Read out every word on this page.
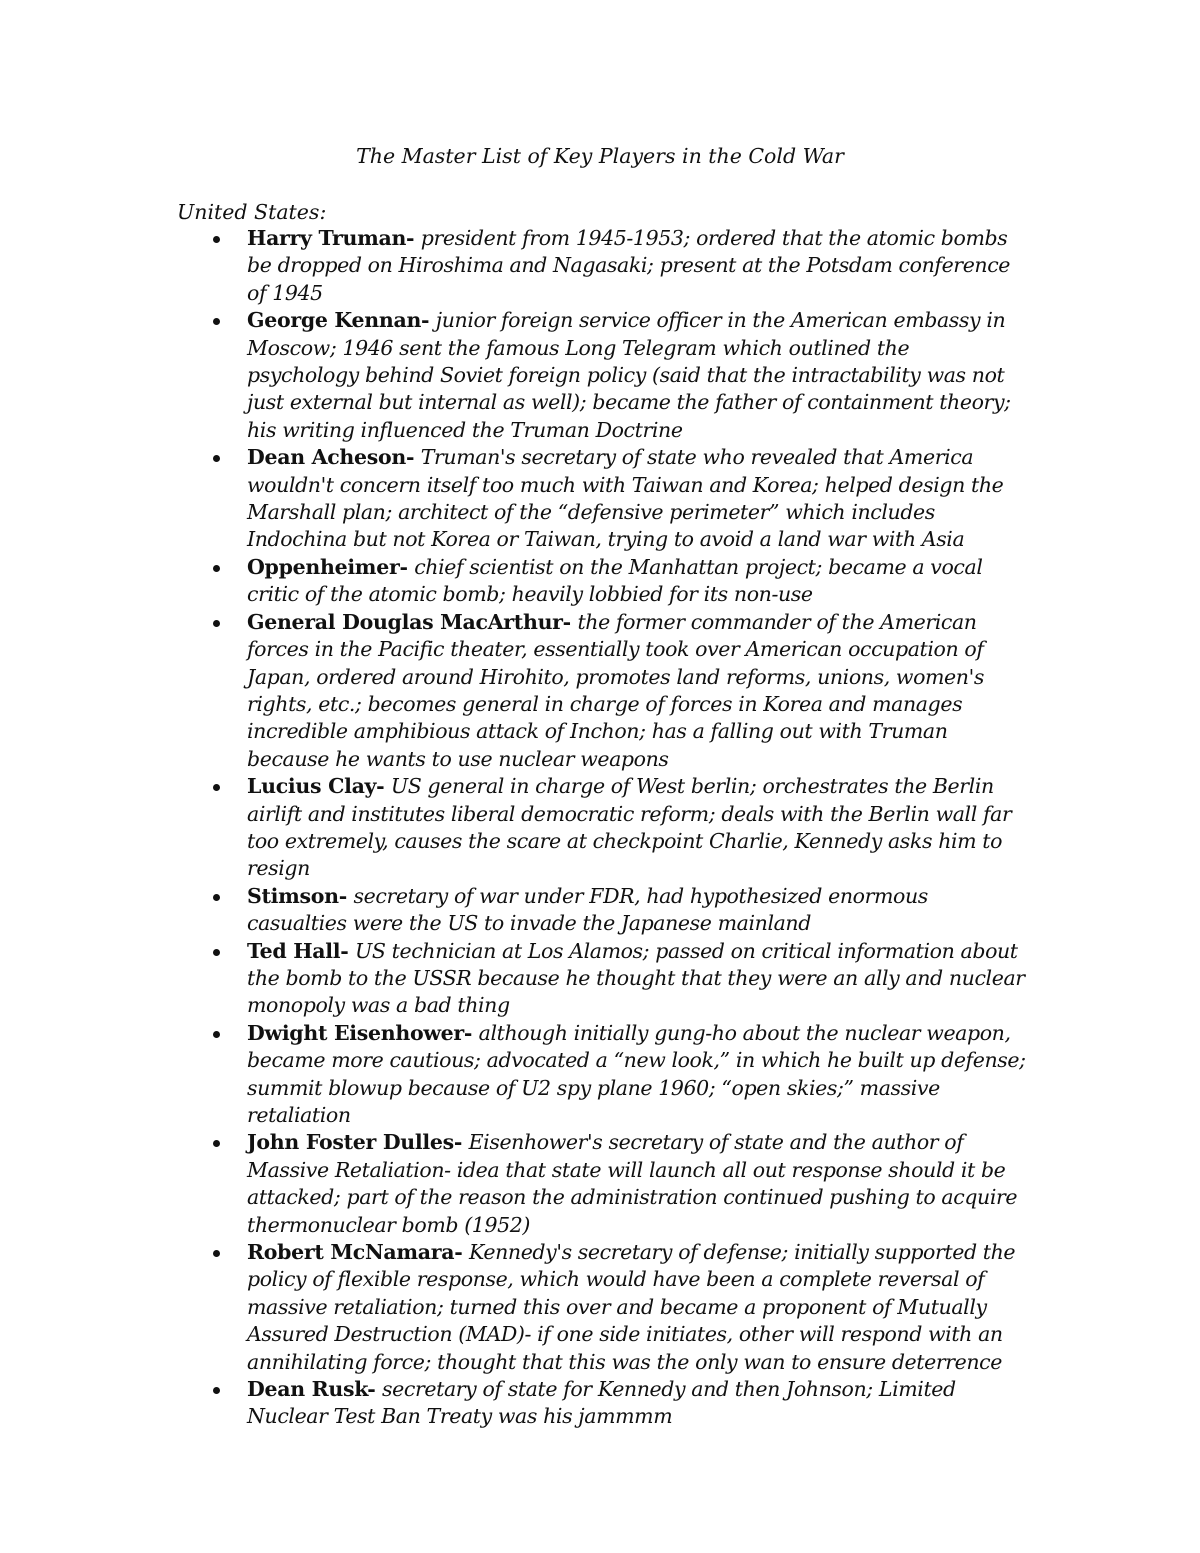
The Master List of Key Players in the Cold War
United States:
Harry Truman- president from 1945-1953; ordered that the atomic bombs be dropped on Hiroshima and Nagasaki; present at the Potsdam conference of 1945
George Kennan- junior foreign service officer in the American embassy in Moscow; 1946 sent the famous Long Telegram which outlined the psychology behind Soviet foreign policy (said that the intractability was not just external but internal as well); became the father of containment theory; his writing influenced the Truman Doctrine
Dean Acheson- Truman's secretary of state who revealed that America wouldn't concern itself too much with Taiwan and Korea; helped design the Marshall plan; architect of the “defensive perimeter” which includes Indochina but not Korea or Taiwan, trying to avoid a land war with Asia
Oppenheimer- chief scientist on the Manhattan project; became a vocal critic of the atomic bomb; heavily lobbied for its non-use
General Douglas MacArthur- the former commander of the American forces in the Pacific theater, essentially took over American occupation of Japan, ordered around Hirohito, promotes land reforms, unions, women's rights, etc.; becomes general in charge of forces in Korea and manages incredible amphibious attack of Inchon; has a falling out with Truman because he wants to use nuclear weapons
Lucius Clay- US general in charge of West berlin; orchestrates the Berlin airlift and institutes liberal democratic reform; deals with the Berlin wall far too extremely, causes the scare at checkpoint Charlie, Kennedy asks him to resign
Stimson- secretary of war under FDR, had hypothesized enormous casualties were the US to invade the Japanese mainland
Ted Hall- US technician at Los Alamos; passed on critical information about the bomb to the USSR because he thought that they were an ally and nuclear monopoly was a bad thing
Dwight Eisenhower- although initially gung-ho about the nuclear weapon, became more cautious; advocated a “new look,” in which he built up defense; summit blowup because of U2 spy plane 1960; “open skies;” massive retaliation
John Foster Dulles- Eisenhower's secretary of state and the author of Massive Retaliation- idea that state will launch all out response should it be attacked; part of the reason the administration continued pushing to acquire thermonuclear bomb (1952)
Robert McNamara- Kennedy's secretary of defense; initially supported the policy of flexible response, which would have been a complete reversal of massive retaliation; turned this over and became a proponent of Mutually Assured Destruction (MAD)- if one side initiates, other will respond with an annihilating force; thought that this was the only wan to ensure deterrence
Dean Rusk- secretary of state for Kennedy and then Johnson; Limited Nuclear Test Ban Treaty was his jammmm
